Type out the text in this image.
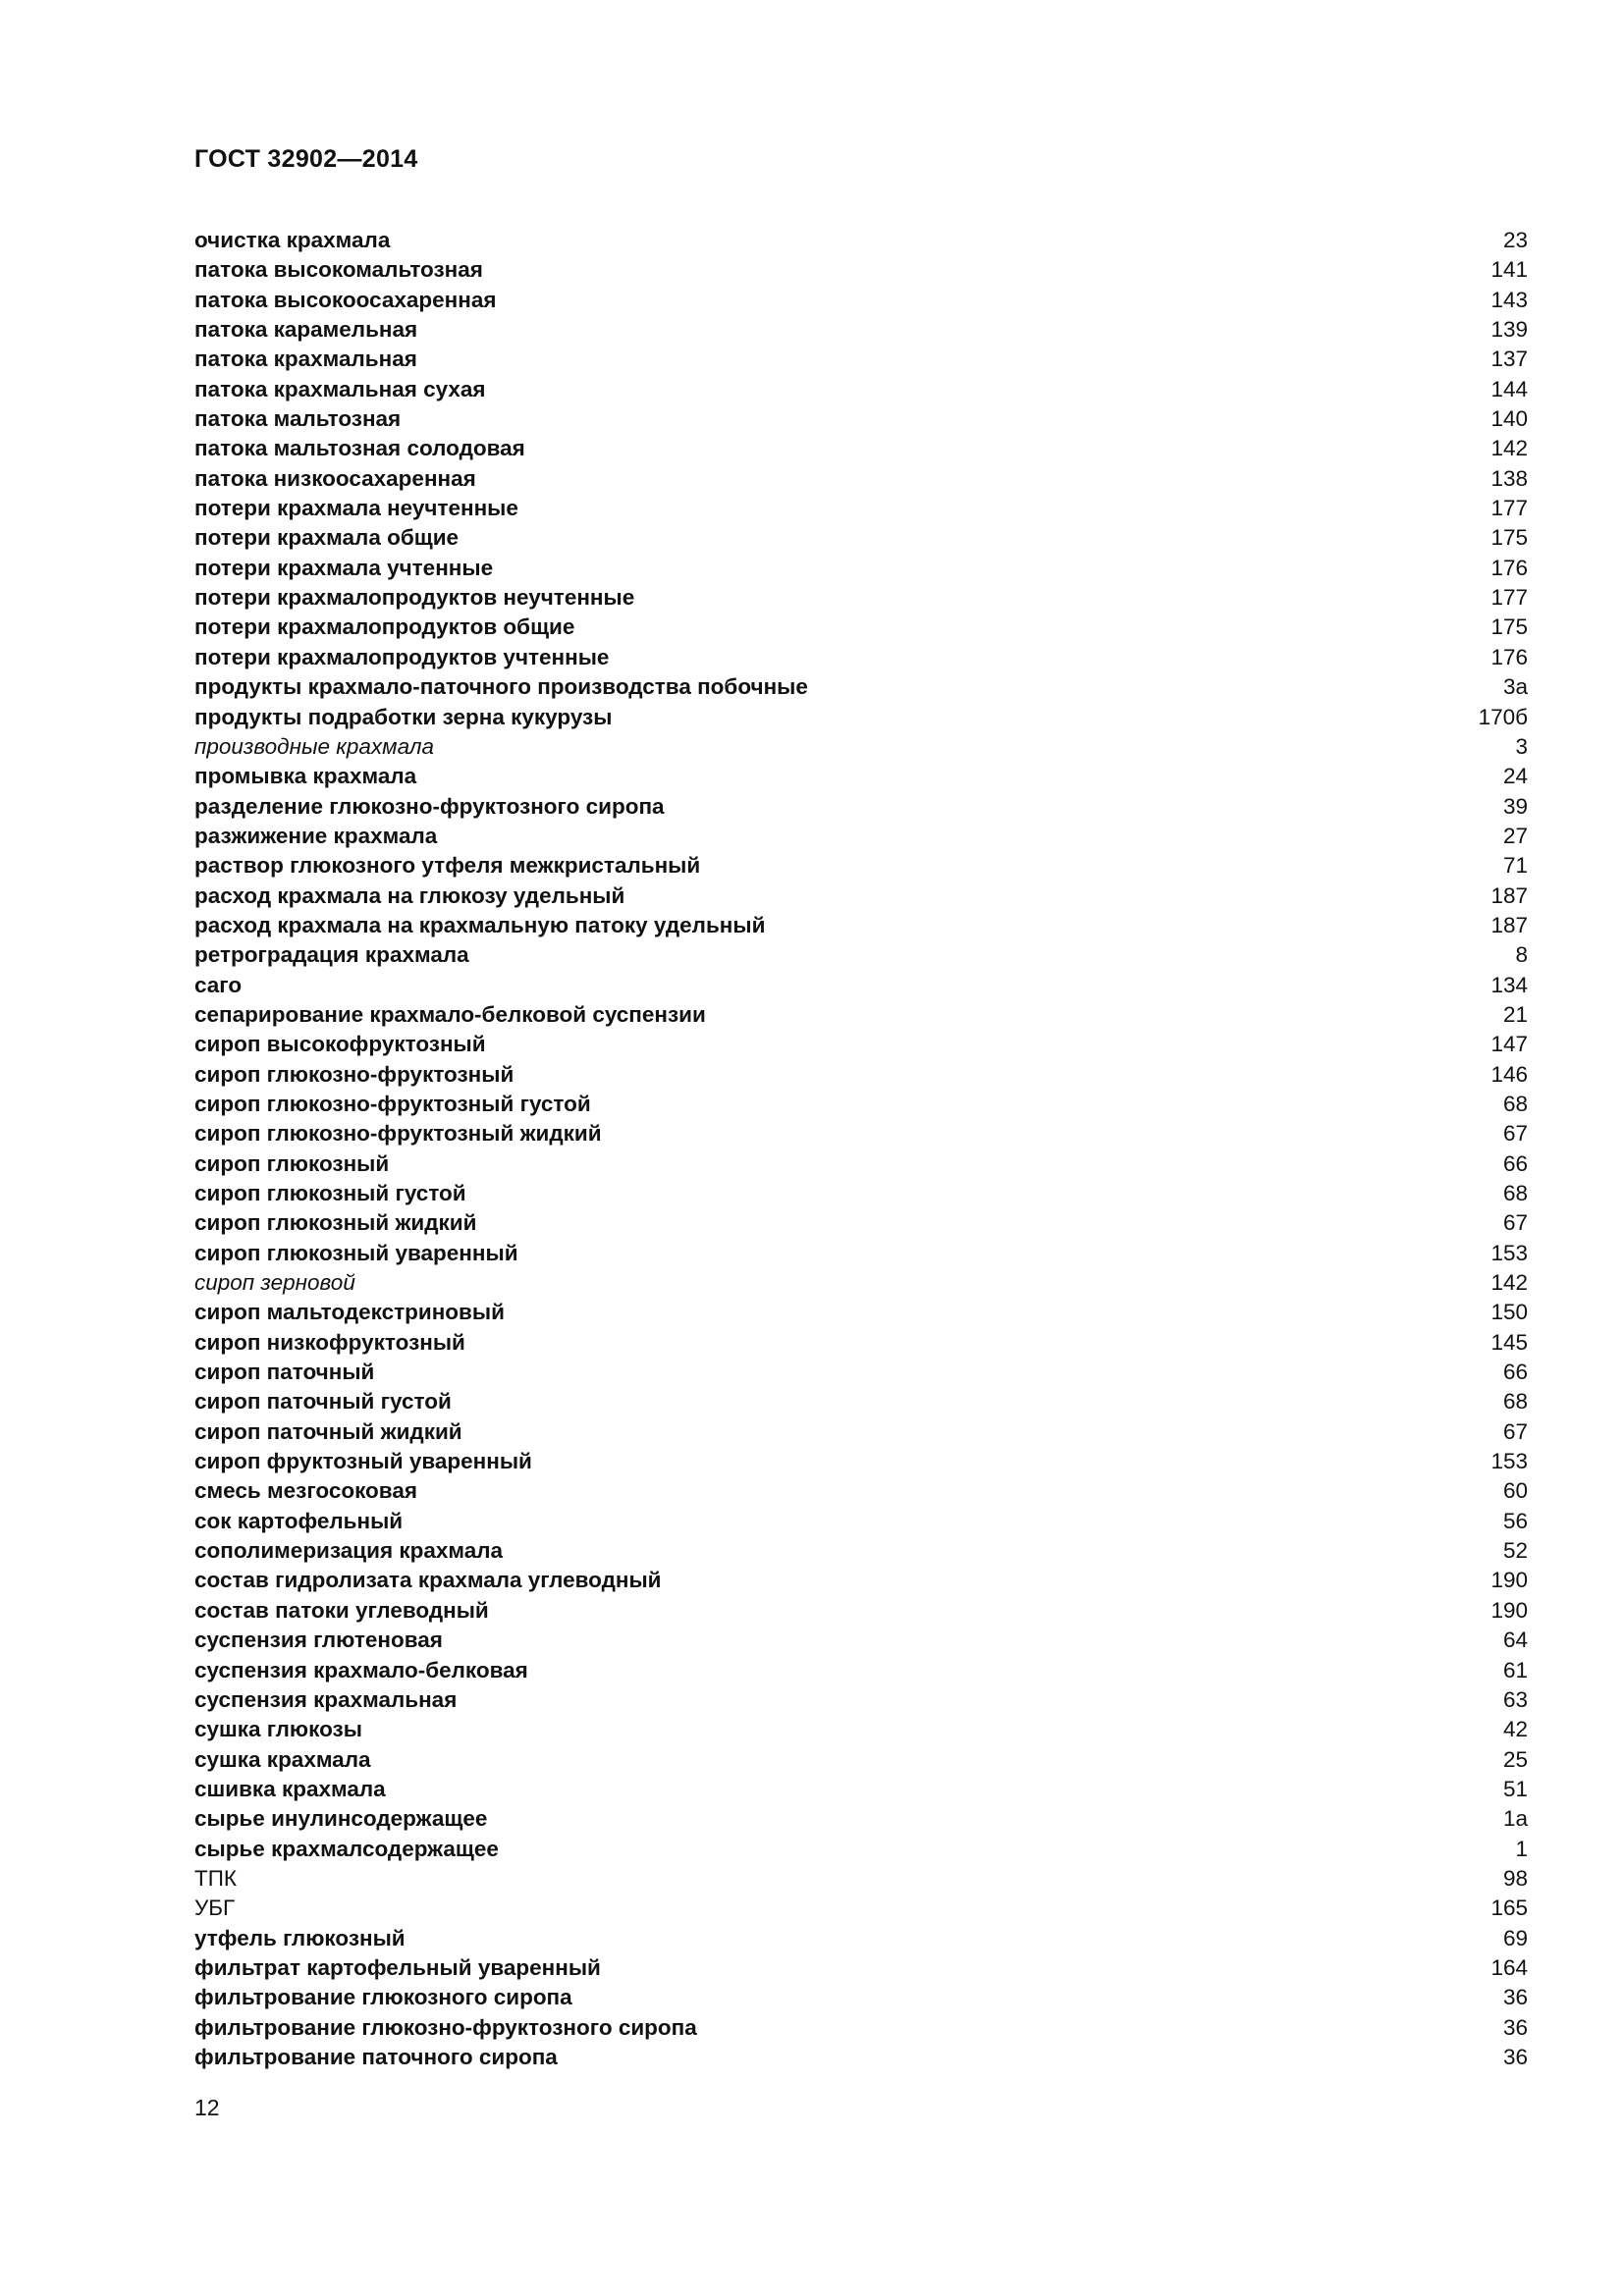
ГОСТ 32902—2014
очистка крахмала	23
патока высокомальтозная	141
патока высокоосахаренная	143
патока карамельная	139
патока крахмальная	137
патока крахмальная сухая	144
патока мальтозная	140
патока мальтозная солодовая	142
патока низкоосахаренная	138
потери крахмала неучтенные	177
потери крахмала общие	175
потери крахмала учтенные	176
потери крахмалопродуктов неучтенные	177
потери крахмалопродуктов общие	175
потери крахмалопродуктов учтенные	176
продукты крахмало-паточного производства побочные	3а
продукты подработки зерна кукурузы	170б
производные крахмала	3
промывка крахмала	24
разделение глюкозно-фруктозного сиропа	39
разжижение крахмала	27
раствор глюкозного утфеля межкристальный	71
расход крахмала на глюкозу удельный	187
расход крахмала на крахмальную патоку удельный	187
ретроградация крахмала	8
саго	134
сепарирование крахмало-белковой суспензии	21
сироп высокофруктозный	147
сироп глюкозно-фруктозный	146
сироп глюкозно-фруктозный густой	68
сироп глюкозно-фруктозный жидкий	67
сироп глюкозный	66
сироп глюкозный густой	68
сироп глюкозный жидкий	67
сироп глюкозный уваренный	153
сироп зерновой	142
сироп мальтодекстриновый	150
сироп низкофруктозный	145
сироп паточный	66
сироп паточный густой	68
сироп паточный жидкий	67
сироп фруктозный уваренный	153
смесь мезгосоковая	60
сок картофельный	56
сополимеризация крахмала	52
состав гидролизата крахмала углеводный	190
состав патоки углеводный	190
суспензия глютеновая	64
суспензия крахмало-белковая	61
суспензия крахмальная	63
сушка глюкозы	42
сушка крахмала	25
сшивка крахмала	51
сырье инулинсодержащее	1а
сырье крахмалсодержащее	1
ТПК	98
УБГ	165
утфель глюкозный	69
фильтрат картофельный уваренный	164
фильтрование глюкозного сиропа	36
фильтрование глюкозно-фруктозного сиропа	36
фильтрование паточного сиропа	36
12
